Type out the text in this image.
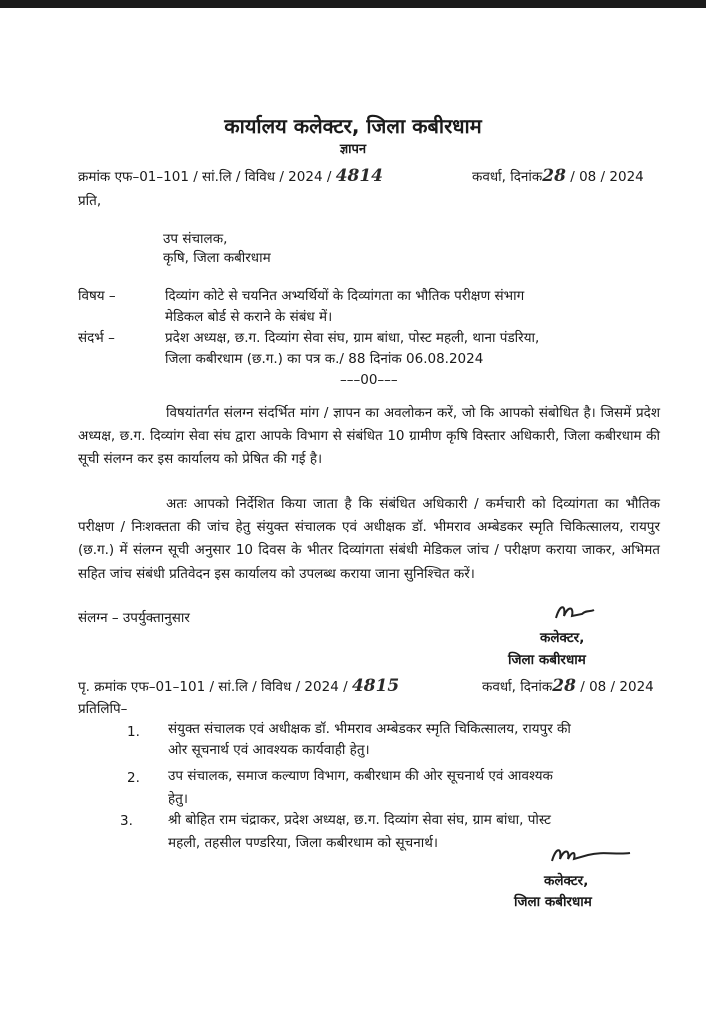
कार्यालय कलेक्टर, जिला कबीरधाम
ज्ञापन
क्रमांक एफ–01–101 / सां.लि / विविध / 2024 / 4814	कवर्धा, दिनांक28 / 08 / 2024
प्रति,
उप संचालक,
कृषि, जिला कबीरधाम
विषय –	दिव्यांग कोटे से चयनित अभ्यर्थियों के दिव्यांगता का भौतिक परीक्षण संभाग
मेडिकल बोर्ड से कराने के संबंध में।
संदर्भ –	प्रदेश अध्यक्ष, छ.ग. दिव्यांग सेवा संघ, ग्राम बांधा, पोस्ट महली, थाना पंडरिया,
जिला कबीरधाम (छ.ग.) का पत्र क./ 88 दिनांक 06.08.2024
–––00–––
विषयांतर्गत संलग्न संदर्भित मांग / ज्ञापन का अवलोकन करें, जो कि आपको संबोधित है। जिसमें प्रदेश अध्यक्ष, छ.ग. दिव्यांग सेवा संघ द्वारा आपके विभाग से संबंधित 10 ग्रामीण कृषि विस्तार अधिकारी, जिला कबीरधाम की सूची संलग्न कर इस कार्यालय को प्रेषित की गई है।
अतः आपको निर्देशित किया जाता है कि संबंधित अधिकारी / कर्मचारी को दिव्यांगता का भौतिक परीक्षण / निःशक्तता की जांच हेतु संयुक्त संचालक एवं अधीक्षक डॉ. भीमराव अम्बेडकर स्मृति चिकित्सालय, रायपुर (छ.ग.) में संलग्न सूची अनुसार 10 दिवस के भीतर दिव्यांगता संबंधी मेडिकल जांच / परीक्षण कराया जाकर, अभिमत सहित जांच संबंधी प्रतिवेदन इस कार्यालय को उपलब्ध कराया जाना सुनिश्चित करें।
संलग्न – उपर्युक्तानुसार
कलेक्टर,
जिला कबीरधाम
पृ. क्रमांक एफ–01–101 / सां.लि / विविध / 2024 / 4815	कवर्धा, दिनांक28 / 08 / 2024
प्रतिलिपि–
1. संयुक्त संचालक एवं अधीक्षक डॉ. भीमराव अम्बेडकर स्मृति चिकित्सालय, रायपुर की
ओर सूचनार्थ एवं आवश्यक कार्यवाही हेतु।
2. उप संचालक, समाज कल्याण विभाग, कबीरधाम की ओर सूचनार्थ एवं आवश्यक
हेतु।
3.	श्री बोहित राम चंद्राकर, प्रदेश अध्यक्ष, छ.ग. दिव्यांग सेवा संघ, ग्राम बांधा, पोस्ट
महली, तहसील पण्डरिया, जिला कबीरधाम को सूचनार्थ।
कलेक्टर,
जिला कबीरधाम
